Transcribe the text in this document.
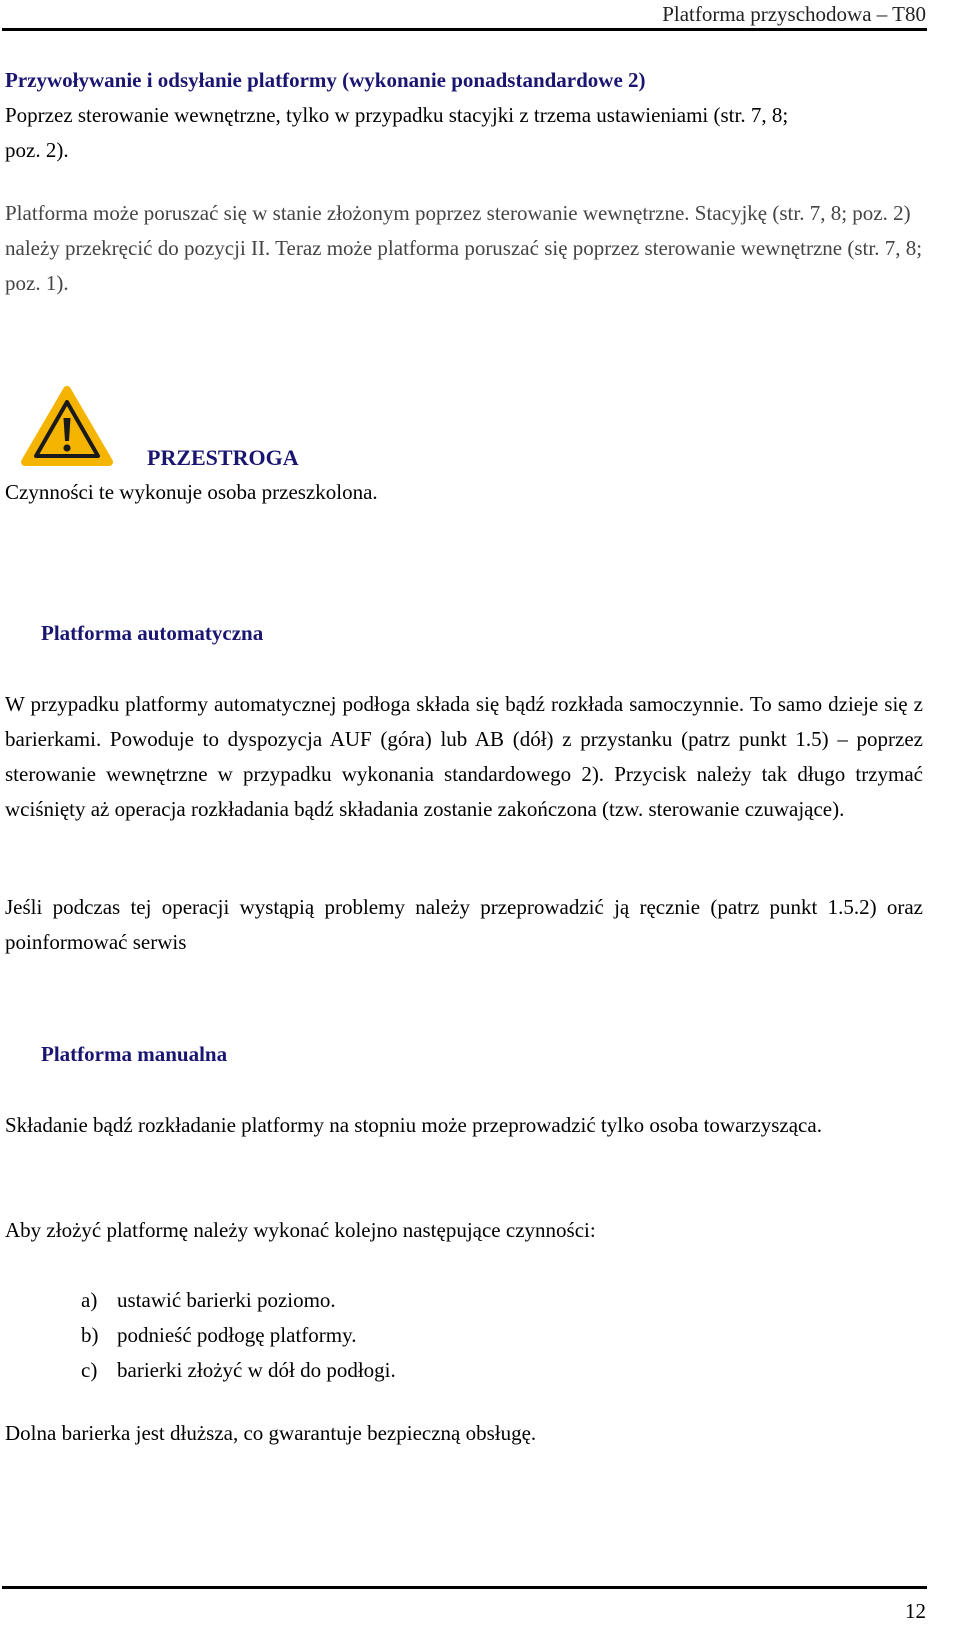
Platforma przyschodowa – T80
Przywoływanie i odsyłanie platformy (wykonanie ponadstandardowe 2)
Poprzez sterowanie wewnętrzne, tylko w przypadku stacyjki z trzema ustawieniami (str. 7, 8;
poz. 2).
Platforma może poruszać się w stanie złożonym poprzez sterowanie wewnętrzne. Stacyjkę (str. 7, 8; poz. 2) należy przekręcić do pozycji II. Teraz może platforma poruszać się poprzez sterowanie wewnętrzne (str. 7, 8; poz. 1).
Czynności te wykonuje osoba przeszkolona.
Platforma automatyczna
W przypadku platformy automatycznej podłoga składa się bądź rozkłada samoczynnie. To samo dzieje się z barierkami. Powoduje to dyspozycja AUF (góra) lub AB (dół) z przystanku (patrz punkt 1.5) – poprzez sterowanie wewnętrzne w przypadku wykonania standardowego 2). Przycisk należy tak długo trzymać wciśnięty aż operacja rozkładania bądź składania zostanie zakończona (tzw. sterowanie czuwające).
Jeśli podczas tej operacji wystąpią problemy należy przeprowadzić ją ręcznie (patrz punkt 1.5.2) oraz poinformować serwis
Platforma manualna
Składanie bądź rozkładanie platformy na stopniu może przeprowadzić tylko osoba towarzysząca.
Aby złożyć platformę należy wykonać kolejno następujące czynności:
a) ustawić barierki poziomo.
b) podnieść podłogę platformy.
c) barierki złożyć w dół do podłogi.
Dolna barierka jest dłuższa, co gwarantuje bezpieczną obsługę.
PRZESTROGA
12
